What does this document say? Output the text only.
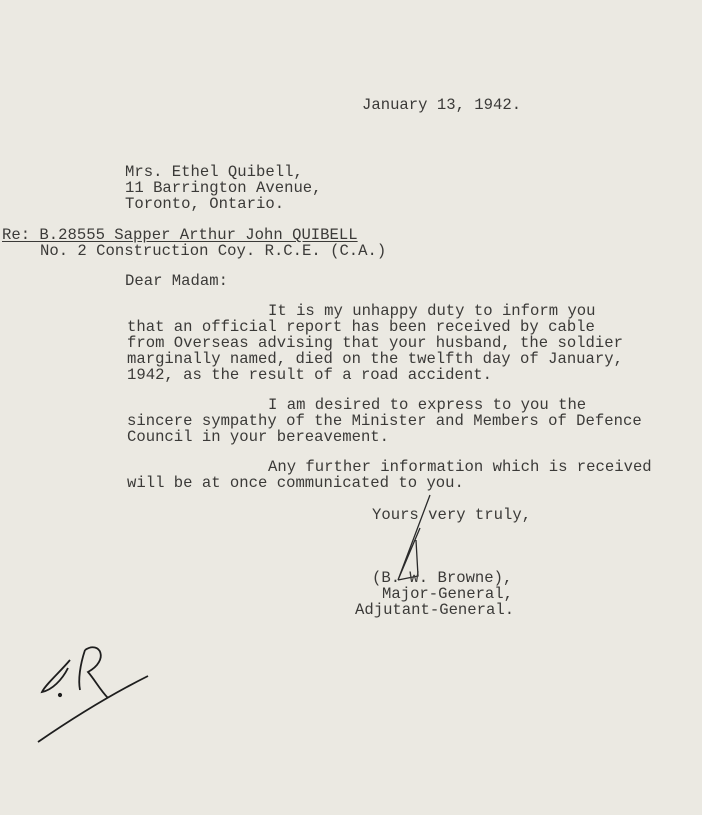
January 13, 1942.
Mrs. Ethel Quibell,
11 Barrington Avenue,
Toronto, Ontario.
Re: B.28555 Sapper Arthur John QUIBELL
No. 2 Construction Coy. R.C.E. (C.A.)
Dear Madam:
It is my unhappy duty to inform you
that an official report has been received by cable
from Overseas advising that your husband, the soldier
marginally named, died on the twelfth day of January,
1942, as the result of a road accident.
I am desired to express to you the
sincere sympathy of the Minister and Members of Defence
Council in your bereavement.
Any further information which is received
will be at once communicated to you.
Yours very truly,
(B. W. Browne),
Major-General,
Adjutant-General.
